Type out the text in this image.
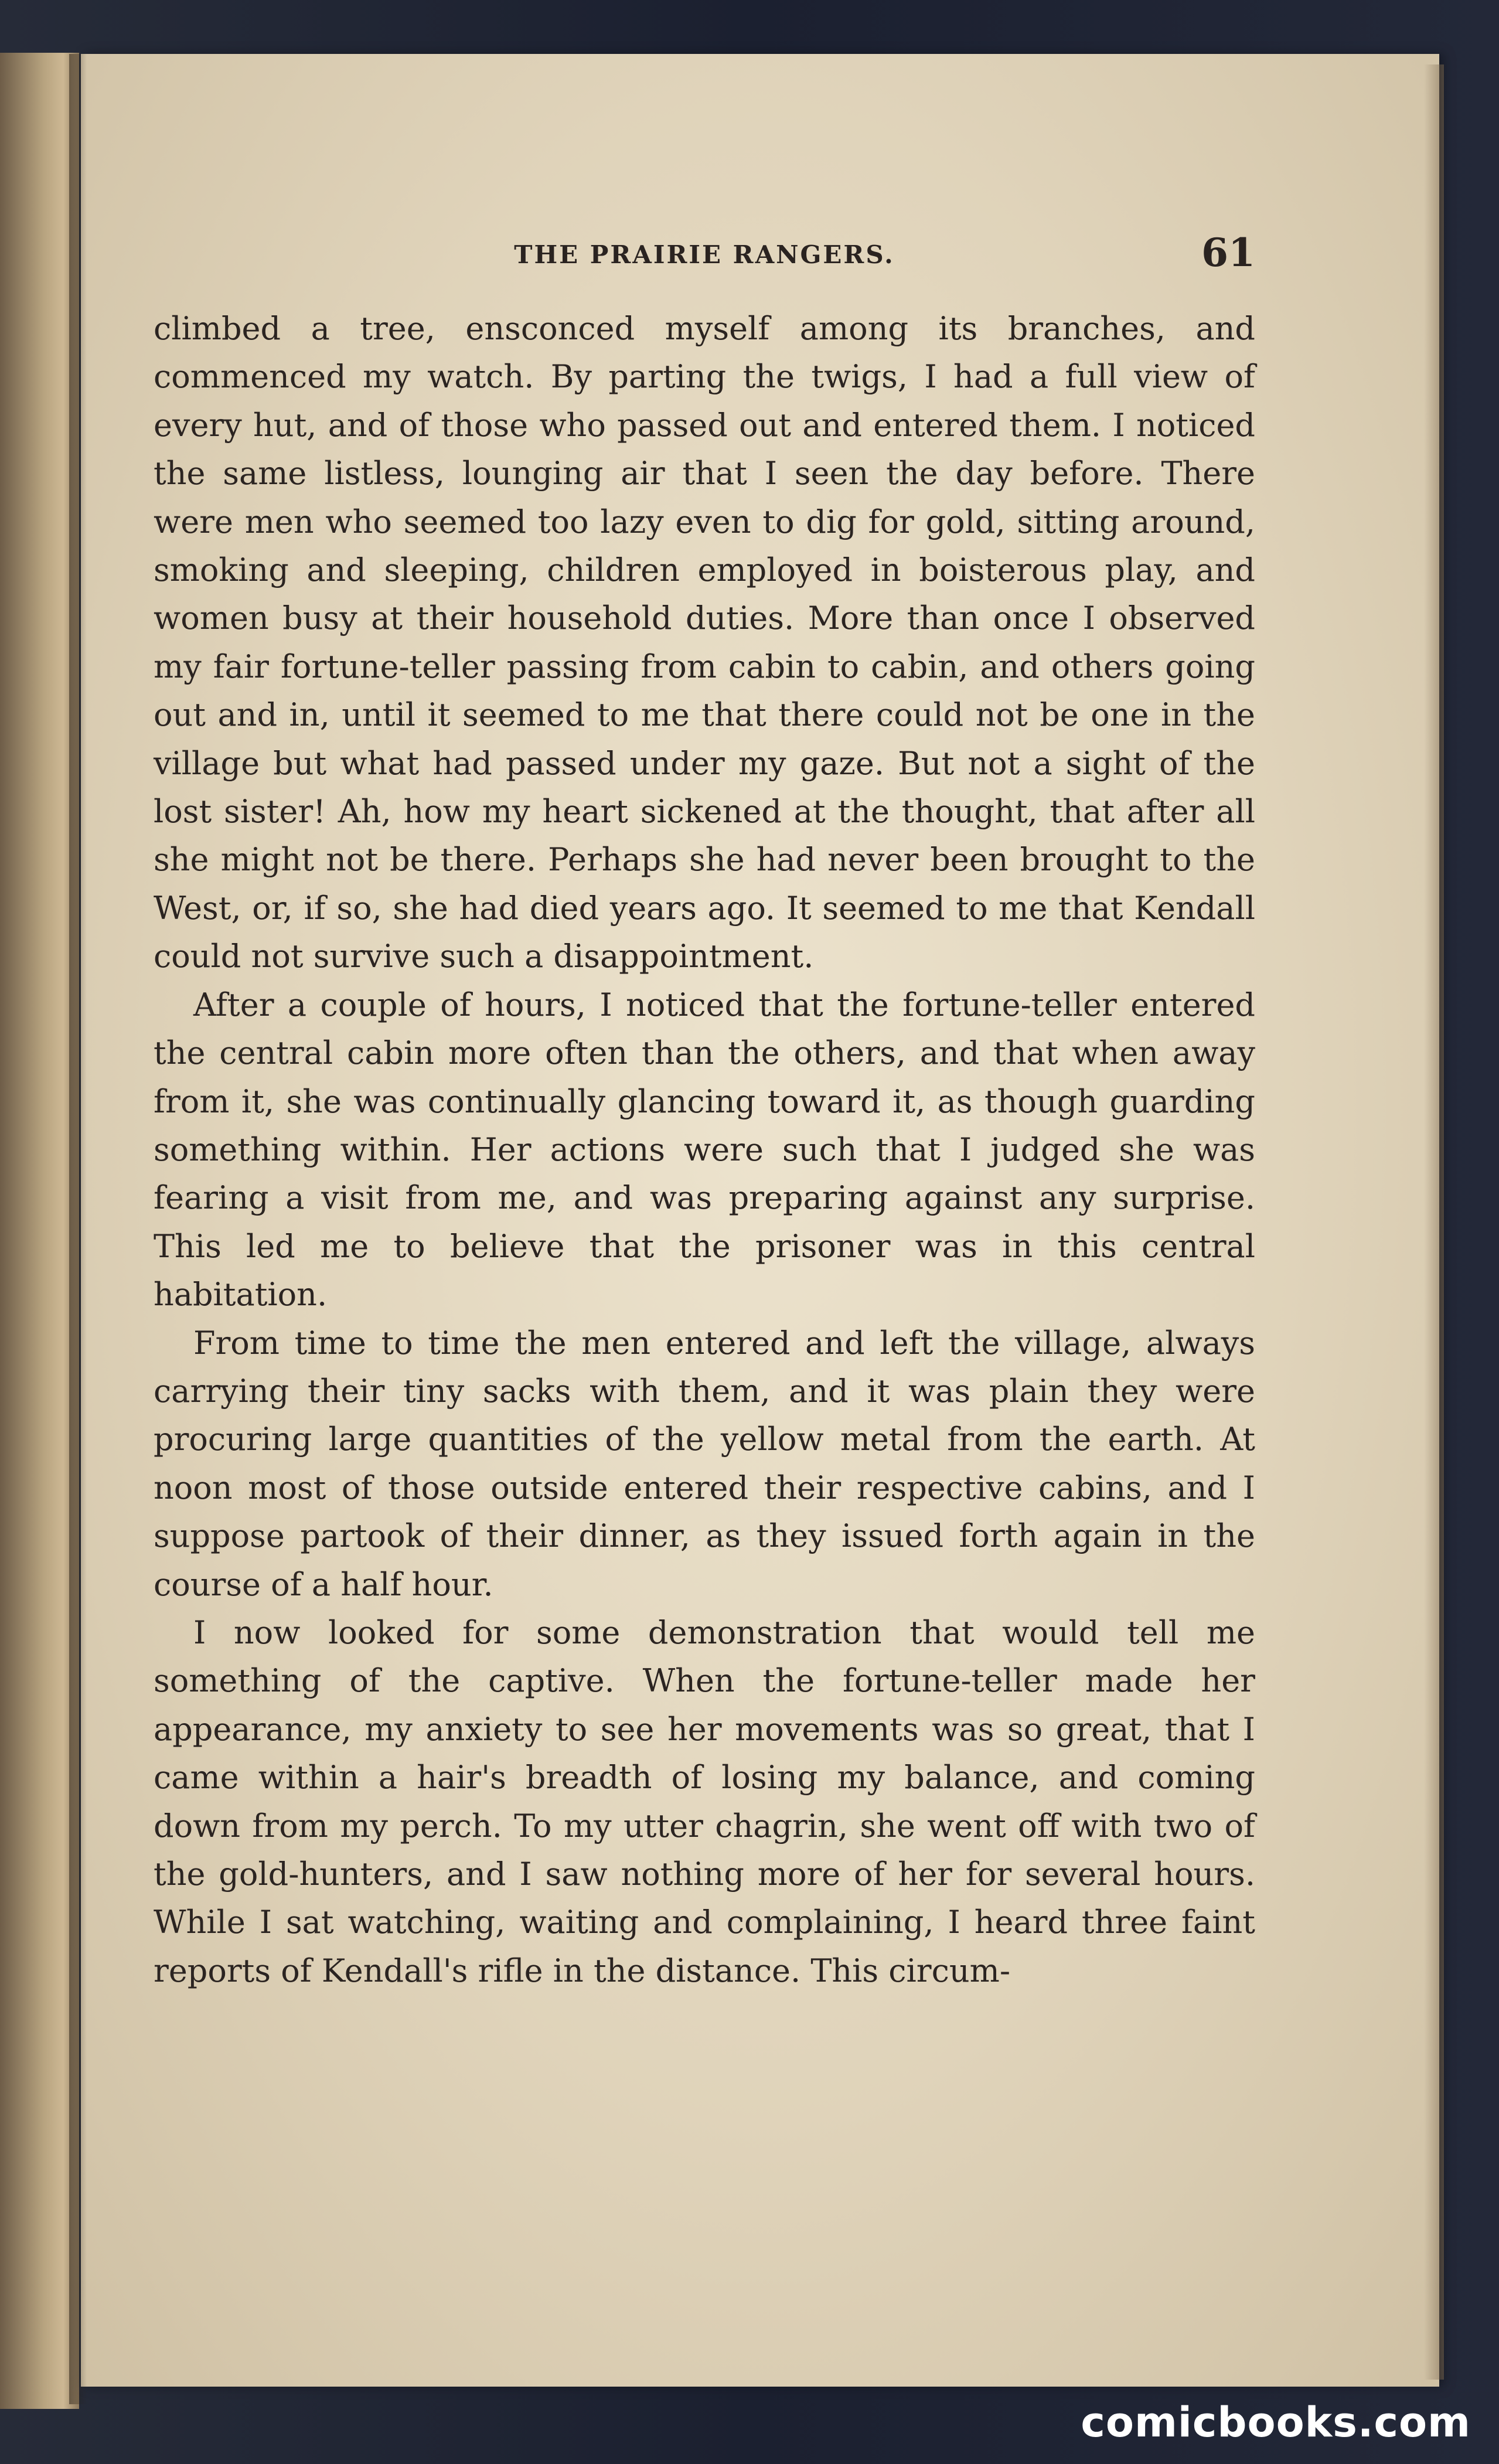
THE PRAIRIE RANGERS.	61

climbed a tree, ensconced myself among its branches, and commenced my watch. By parting the twigs, I had a full view of every hut, and of those who passed out and entered them. I noticed the same listless, lounging air that I seen the day before. There were men who seemed too lazy even to dig for gold, sitting around, smoking and sleeping, children employed in boisterous play, and women busy at their household duties. More than once I observed my fair fortune-teller passing from cabin to cabin, and others going out and in, until it seemed to me that there could not be one in the village but what had passed under my gaze. But not a sight of the lost sister! Ah, how my heart sickened at the thought, that after all she might not be there. Perhaps she had never been brought to the West, or, if so, she had died years ago. It seemed to me that Kendall could not survive such a disappointment.

After a couple of hours, I noticed that the fortune-teller entered the central cabin more often than the others, and that when away from it, she was continually glancing toward it, as though guarding something within. Her actions were such that I judged she was fearing a visit from me, and was preparing against any surprise. This led me to believe that the prisoner was in this central habitation.

From time to time the men entered and left the village, always carrying their tiny sacks with them, and it was plain they were procuring large quantities of the yellow metal from the earth. At noon most of those outside entered their respective cabins, and I suppose partook of their dinner, as they issued forth again in the course of a half hour.

I now looked for some demonstration that would tell me something of the captive. When the fortune-teller made her appearance, my anxiety to see her movements was so great, that I came within a hair's breadth of losing my balance, and coming down from my perch. To my utter chagrin, she went off with two of the gold-hunters, and I saw nothing more of her for several hours. While I sat watching, waiting and complaining, I heard three faint reports of Kendall's rifle in the distance. This circum-

comicbooks.com
